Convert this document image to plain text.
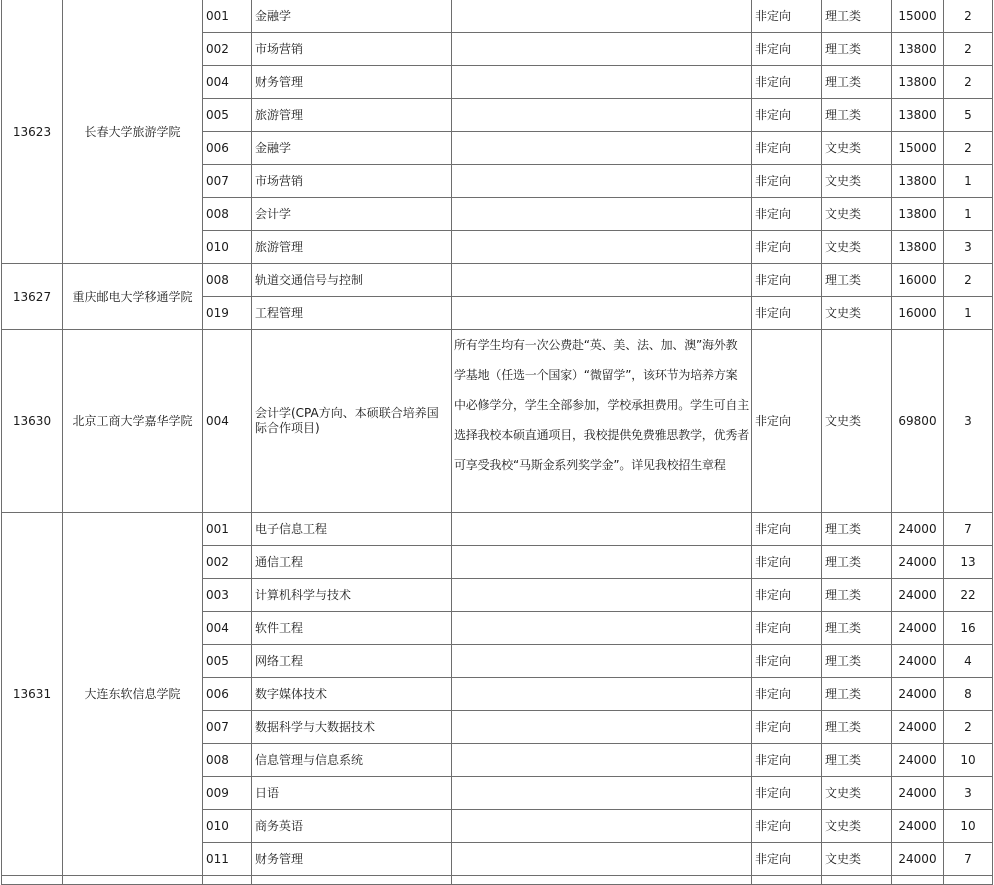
13623	长春大学旅游学院	001	金融学		非定向	理工类	15000	2
		002	市场营销		非定向	理工类	13800	2
		004	财务管理		非定向	理工类	13800	2
		005	旅游管理		非定向	理工类	13800	5
		006	金融学		非定向	文史类	15000	2
		007	市场营销		非定向	文史类	13800	1
		008	会计学		非定向	文史类	13800	1
		010	旅游管理		非定向	文史类	13800	3
13627	重庆邮电大学移通学院	008	轨道交通信号与控制		非定向	理工类	16000	2
		019	工程管理		非定向	文史类	16000	1
13630	北京工商大学嘉华学院	004	会计学(CPA方向、本硕联合培养国际合作项目)	所有学生均有一次公费赴“英、美、法、加、澳”海外教学基地（任选一个国家）“微留学”，该环节为培养方案中必修学分，学生全部参加，学校承担费用。学生可自主选择我校本硕直通项目，我校提供免费雅思教学，优秀者可享受我校“马斯金系列奖学金”。详见我校招生章程	非定向	文史类	69800	3
13631	大连东软信息学院	001	电子信息工程		非定向	理工类	24000	7
		002	通信工程		非定向	理工类	24000	13
		003	计算机科学与技术		非定向	理工类	24000	22
		004	软件工程		非定向	理工类	24000	16
		005	网络工程		非定向	理工类	24000	4
		006	数字媒体技术		非定向	理工类	24000	8
		007	数据科学与大数据技术		非定向	理工类	24000	2
		008	信息管理与信息系统		非定向	理工类	24000	10
		009	日语		非定向	文史类	24000	3
		010	商务英语		非定向	文史类	24000	10
		011	财务管理		非定向	文史类	24000	7
